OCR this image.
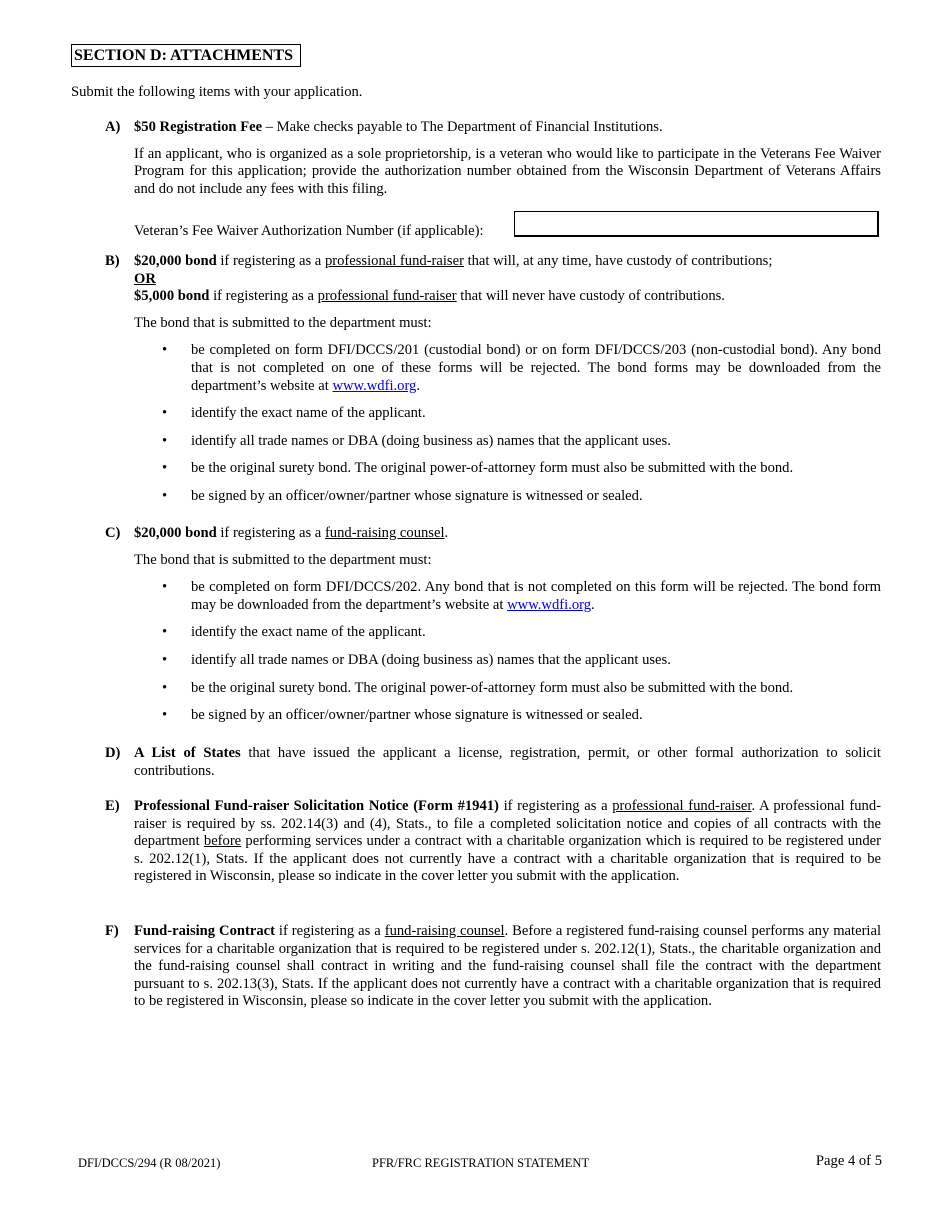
SECTION D: ATTACHMENTS
Submit the following items with your application.
A) $50 Registration Fee – Make checks payable to The Department of Financial Institutions.

If an applicant, who is organized as a sole proprietorship, is a veteran who would like to participate in the Veterans Fee Waiver Program for this application; provide the authorization number obtained from the Wisconsin Department of Veterans Affairs and do not include any fees with this filing.

Veteran’s Fee Waiver Authorization Number (if applicable):
B) $20,000 bond if registering as a professional fund-raiser that will, at any time, have custody of contributions;

OR

$5,000 bond if registering as a professional fund-raiser that will never have custody of contributions.

The bond that is submitted to the department must:

• be completed on form DFI/DCCS/201 (custodial bond) or on form DFI/DCCS/203 (non-custodial bond). Any bond that is not completed on one of these forms will be rejected. The bond forms may be downloaded from the department’s website at www.wdfi.org.
• identify the exact name of the applicant.
• identify all trade names or DBA (doing business as) names that the applicant uses.
• be the original surety bond. The original power-of-attorney form must also be submitted with the bond.
• be signed by an officer/owner/partner whose signature is witnessed or sealed.
C) $20,000 bond if registering as a fund-raising counsel.

The bond that is submitted to the department must:

• be completed on form DFI/DCCS/202. Any bond that is not completed on this form will be rejected. The bond form may be downloaded from the department’s website at www.wdfi.org.
• identify the exact name of the applicant.
• identify all trade names or DBA (doing business as) names that the applicant uses.
• be the original surety bond. The original power-of-attorney form must also be submitted with the bond.
• be signed by an officer/owner/partner whose signature is witnessed or sealed.
D) A List of States that have issued the applicant a license, registration, permit, or other formal authorization to solicit contributions.

E) Professional Fund-raiser Solicitation Notice (Form #1941) if registering as a professional fund-raiser. A professional fund-raiser is required by ss. 202.14(3) and (4), Stats., to file a completed solicitation notice and copies of all contracts with the department before performing services under a contract with a charitable organization which is required to be registered under s. 202.12(1), Stats. If the applicant does not currently have a contract with a charitable organization that is required to be registered in Wisconsin, please so indicate in the cover letter you submit with the application.

F) Fund-raising Contract if registering as a fund-raising counsel. Before a registered fund-raising counsel performs any material services for a charitable organization that is required to be registered under s. 202.12(1), Stats., the charitable organization and the fund-raising counsel shall contract in writing and the fund-raising counsel shall file the contract with the department pursuant to s. 202.13(3), Stats. If the applicant does not currently have a contract with a charitable organization that is required to be registered in Wisconsin, please so indicate in the cover letter you submit with the application.

DFI/DCCS/294 (R 08/2021)	PFR/FRC REGISTRATION STATEMENT	Page 4 of 5
